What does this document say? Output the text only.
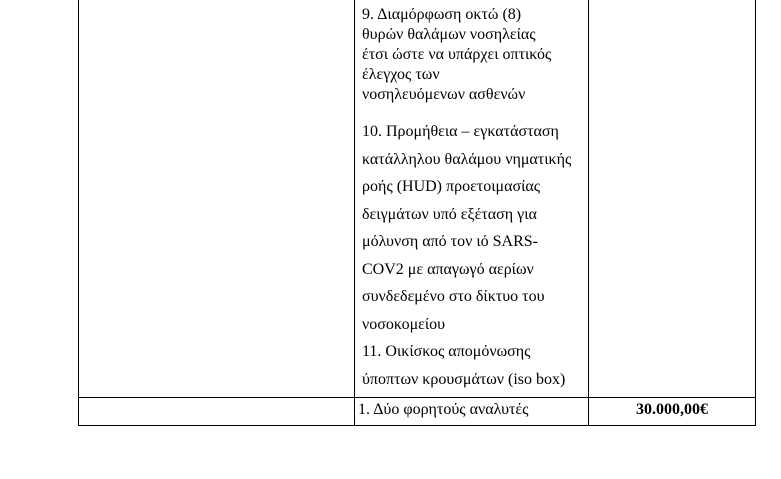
9. Διαμόρφωση οκτώ (8)
θυρών θαλάμων νοσηλείας
έτσι ώστε να υπάρχει οπτικός
έλεγχος των
νοσηλευόμενων ασθενών
10. Προμήθεια – εγκατάσταση
κατάλληλου θαλάμου νηματικής
ροής (HUD) προετοιμασίας
δειγμάτων υπό εξέταση για
μόλυνση από τον ιό SARS-
COV2 με απαγωγό αερίων
συνδεδεμένο στο δίκτυο του
νοσοκομείου
11. Οικίσκος απομόνωσης
ύποπτων κρουσμάτων (iso box)
1. Δύο φορητούς αναλυτές	30.000,00€
